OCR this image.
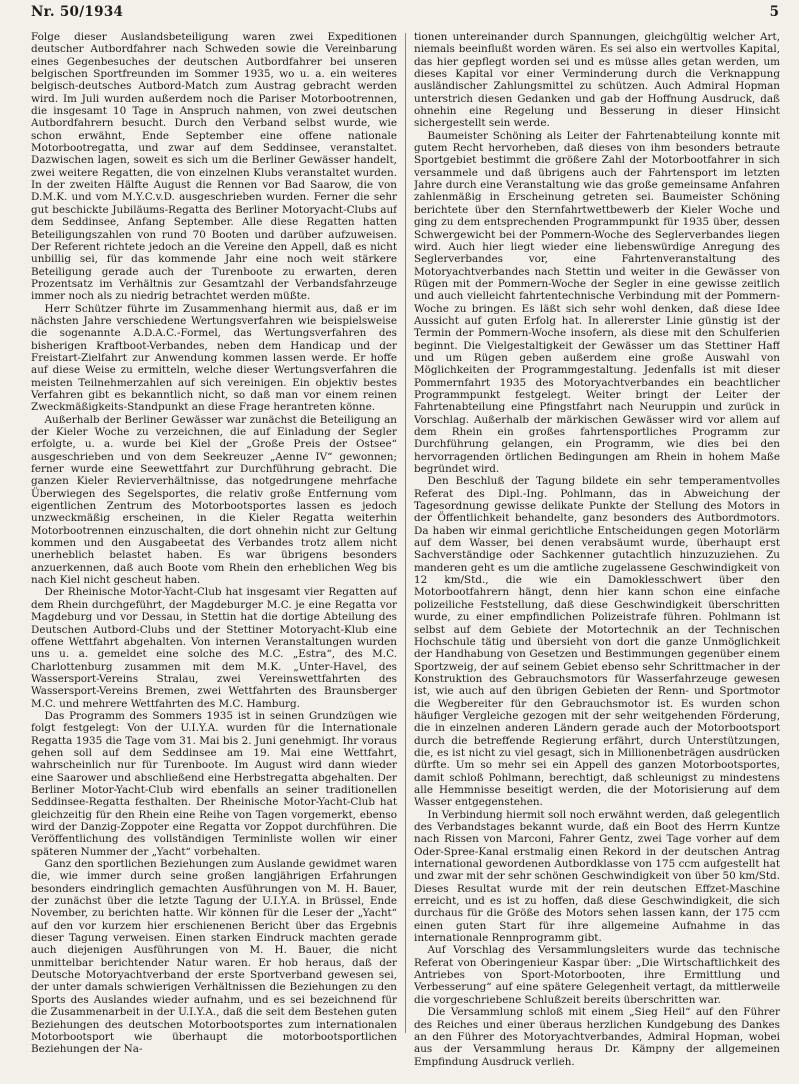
Nr. 50/1934	5

Folge dieser Auslandsbeteiligung waren zwei Expeditionen deutscher Autbordfahrer nach Schweden sowie die Vereinbarung eines Gegenbesuches der deutschen Autbordfahrer bei unseren belgischen Sportfreunden im Sommer 1935, wo u. a. ein weiteres belgisch-deutsches Autbord-Match zum Austrag gebracht werden wird. Im Juli wurden außerdem noch die Pariser Motorbootrennen, die insgesamt 10 Tage in Anspruch nahmen, von zwei deutschen Autbordfahrern besucht. Durch den Verband selbst wurde, wie schon erwähnt, Ende September eine offene nationale Motorbootregatta, und zwar auf dem Seddinsee, veranstaltet. Dazwischen lagen, soweit es sich um die Berliner Gewässer handelt, zwei weitere Regatten, die von einzelnen Klubs veranstaltet wurden. In der zweiten Hälfte August die Rennen vor Bad Saarow, die von D.M.K. und vom M.Y.C.v.D. ausgeschrieben wurden. Ferner die sehr gut beschickte Jubiläums-Regatta des Berliner Motoryacht-Clubs auf dem Seddinsee, Anfang September. Alle diese Regatten hatten Beteiligungszahlen von rund 70 Booten und darüber aufzuweisen. Der Referent richtete jedoch an die Vereine den Appell, daß es nicht unbillig sei, für das kommende Jahr eine noch weit stärkere Beteiligung gerade auch der Turenboote zu erwarten, deren Prozentsatz im Verhältnis zur Gesamtzahl der Verbandsfahrzeuge immer noch als zu niedrig betrachtet werden müßte.

Herr Schützer führte im Zusammenhang hiermit aus, daß er im nächsten Jahre verschiedene Wertungsverfahren wie beispielsweise die sogenannte A.D.A.C.-Formel, das Wertungsverfahren des bisherigen Kraftboot-Verbandes, neben dem Handicap und der Freistart-Zielfahrt zur Anwendung kommen lassen werde. Er hoffe auf diese Weise zu ermitteln, welche dieser Wertungsverfahren die meisten Teilnehmerzahlen auf sich vereinigen. Ein objektiv bestes Verfahren gibt es bekanntlich nicht, so daß man vor einem reinen Zweckmäßigkeits-Standpunkt an diese Frage herantreten könne.

Außerhalb der Berliner Gewässer war zunächst die Beteiligung an der Kieler Woche zu verzeichnen, die auf Einladung der Segler erfolgte, u. a. wurde bei Kiel der „Große Preis der Ostsee“ ausgeschrieben und von dem Seekreuzer „Aenne IV“ gewonnen; ferner wurde eine Seewettfahrt zur Durchführung gebracht. Die ganzen Kieler Revierverhältnisse, das notgedrungene mehrfache Überwiegen des Segelsportes, die relativ große Entfernung vom eigentlichen Zentrum des Motorbootsportes lassen es jedoch unzweckmäßig erscheinen, in die Kieler Regatta weiterhin Motorbootrennen einzuschalten, die dort ohnehin nicht zur Geltung kommen und den Ausgabeetat des Verbandes trotz allem nicht unerheblich belastet haben. Es war übrigens besonders anzuerkennen, daß auch Boote vom Rhein den erheblichen Weg bis nach Kiel nicht gescheut haben.

Der Rheinische Motor-Yacht-Club hat insgesamt vier Regatten auf dem Rhein durchgeführt, der Magdeburger M.C. je eine Regatta vor Magdeburg und vor Dessau, in Stettin hat die dortige Abteilung des Deutschen Autbord-Clubs und der Stettiner Motoryacht-Klub eine offene Wettfahrt abgehalten. Von internen Veranstaltungen wurden uns u. a. gemeldet eine solche des M.C. „Estra“, des M.C. Charlottenburg zusammen mit dem M.K. „Unter-Havel, des Wassersport-Vereins Stralau, zwei Vereinswettfahrten des Wassersport-Vereins Bremen, zwei Wettfahrten des Braunsberger M.C. und mehrere Wettfahrten des M.C. Hamburg.

Das Programm des Sommers 1935 ist in seinen Grundzügen wie folgt festgelegt: Von der U.I.Y.A. wurden für die Internationale Regatta 1935 die Tage vom 31. Mai bis 2. Juni genehmigt. Ihr voraus gehen soll auf dem Seddinsee am 19. Mai eine Wettfahrt, wahrscheinlich nur für Turenboote. Im August wird dann wieder eine Saarower und abschließend eine Herbstregatta abgehalten. Der Berliner Motor-Yacht-Club wird ebenfalls an seiner traditionellen Seddinsee-Regatta festhalten. Der Rheinische Motor-Yacht-Club hat gleichzeitig für den Rhein eine Reihe von Tagen vorgemerkt, ebenso wird der Danzig-Zoppoter eine Regatta vor Zoppot durchführen. Die Veröffentlichung des vollständigen Terminliste wollen wir einer späteren Nummer der „Yacht“ vorbehalten.

Ganz den sportlichen Beziehungen zum Auslande gewidmet waren die, wie immer durch seine großen langjährigen Erfahrungen besonders eindringlich gemachten Ausführungen von M. H. Bauer, der zunächst über die letzte Tagung der U.I.Y.A. in Brüssel, Ende November, zu berichten hatte. Wir können für die Leser der „Yacht“ auf den vor kurzem hier erschienenen Bericht über das Ergebnis dieser Tagung verweisen. Einen starken Eindruck machten gerade auch diejenigen Ausführungen von M. H. Bauer, die nicht unmittelbar berichtender Natur waren. Er hob heraus, daß der Deutsche Motoryachtverband der erste Sportverband gewesen sei, der unter damals schwierigen Verhältnissen die Beziehungen zu den Sports des Auslandes wieder aufnahm, und es sei bezeichnend für die Zusammenarbeit in der U.I.Y.A., daß die seit dem Bestehen guten Beziehungen des deutschen Motorbootsportes zum internationalen Motorbootsport wie überhaupt die motorbootsportlichen Beziehungen der Na-

tionen untereinander durch Spannungen, gleichgültig welcher Art, niemals beeinflußt worden wären. Es sei also ein wertvolles Kapital, das hier gepflegt worden sei und es müsse alles getan werden, um dieses Kapital vor einer Verminderung durch die Verknappung ausländischer Zahlungsmittel zu schützen. Auch Admiral Hopman unterstrich diesen Gedanken und gab der Hoffnung Ausdruck, daß ohnehin eine Regelung und Besserung in dieser Hinsicht sichergestellt sein werde.

Baumeister Schöning als Leiter der Fahrtenabteilung konnte mit gutem Recht hervorheben, daß dieses von ihm besonders betraute Sportgebiet bestimmt die größere Zahl der Motorbootfahrer in sich versammele und daß übrigens auch der Fahrtensport im letzten Jahre durch eine Veranstaltung wie das große gemeinsame Anfahren zahlenmäßig in Erscheinung getreten sei. Baumeister Schöning berichtete über den Sternfahrtwettbewerb der Kieler Woche und ging zu dem entsprechenden Programmpunkt für 1935 über, dessen Schwergewicht bei der Pommern-Woche des Seglerverbandes liegen wird. Auch hier liegt wieder eine liebenswürdige Anregung des Seglerverbandes vor, eine Fahrtenveranstaltung des Motoryachtverbandes nach Stettin und weiter in die Gewässer von Rügen mit der Pommern-Woche der Segler in eine gewisse zeitlich und auch vielleicht fahrtentechnische Verbindung mit der Pommern-Woche zu bringen. Es läßt sich sehr wohl denken, daß diese Idee Aussicht auf guten Erfolg hat. In allererster Linie günstig ist der Termin der Pommern-Woche insofern, als diese mit den Schulferien beginnt. Die Vielgestaltigkeit der Gewässer um das Stettiner Haff und um Rügen geben außerdem eine große Auswahl von Möglichkeiten der Programmgestaltung. Jedenfalls ist mit dieser Pommernfahrt 1935 des Motoryachtverbandes ein beachtlicher Programmpunkt festgelegt. Weiter bringt der Leiter der Fahrtenabteilung eine Pfingstfahrt nach Neuruppin und zurück in Vorschlag. Außerhalb der märkischen Gewässer wird vor allem auf dem Rhein ein großes fahrtensportliches Programm zur Durchführung gelangen, ein Programm, wie dies bei den hervorragenden örtlichen Bedingungen am Rhein in hohem Maße begründet wird.

Den Beschluß der Tagung bildete ein sehr temperamentvolles Referat des Dipl.-Ing. Pohlmann, das in Abweichung der Tagesordnung gewisse delikate Punkte der Stellung des Motors in der Öffentlichkeit behandelte, ganz besonders des Autbordmotors. Da haben wir einmal gerichtliche Entscheidungen gegen Motorlärm auf dem Wasser, bei denen verabsäumt wurde, überhaupt erst Sachverständige oder Sachkenner gutachtlich hinzuzuziehen. Zu manderen geht es um die amtliche zugelassene Geschwindigkeit von 12 km/Std., die wie ein Damoklesschwert über den Motorbootfahrern hängt, denn hier kann schon eine einfache polizeiliche Feststellung, daß diese Geschwindigkeit überschritten wurde, zu einer empfindlichen Polizeistrafe führen. Pohlmann ist selbst auf dem Gebiete der Motortechnik an der Technischen Hochschule tätig und übersieht von dort die ganze Unmöglichkeit der Handhabung von Gesetzen und Bestimmungen gegenüber einem Sportzweig, der auf seinem Gebiet ebenso sehr Schrittmacher in der Konstruktion des Gebrauchsmotors für Wasserfahrzeuge gewesen ist, wie auch auf den übrigen Gebieten der Renn- und Sportmotor die Wegbereiter für den Gebrauchsmotor ist. Es wurden schon häufiger Vergleiche gezogen mit der sehr weitgehenden Förderung, die in einzelnen anderen Ländern gerade auch der Motorbootsport durch die betreffende Regierung erfährt, durch Unterstützungen, die, es ist nicht zu viel gesagt, sich in Millionenbeträgen ausdrücken dürfte. Um so mehr sei ein Appell des ganzen Motorbootsportes, damit schloß Pohlmann, berechtigt, daß schleunigst zu mindestens alle Hemmnisse beseitigt werden, die der Motorisierung auf dem Wasser entgegenstehen.

In Verbindung hiermit soll noch erwähnt werden, daß gelegentlich des Verbandstages bekannt wurde, daß ein Boot des Herrn Kuntze nach Rissen von Marconi, Fahrer Gentz, zwei Tage vorher auf dem Oder-Spree-Kanal erstmalig einen Rekord in der deutschen Antrag international gewordenen Autbordklasse von 175 ccm aufgestellt hat und zwar mit der sehr schönen Geschwindigkeit von über 50 km/Std. Dieses Resultat wurde mit der rein deutschen Effzet-Maschine erreicht, und es ist zu hoffen, daß diese Geschwindigkeit, die sich durchaus für die Größe des Motors sehen lassen kann, der 175 ccm einen guten Start für ihre allgemeine Aufnahme in das internationale Rennprogramm gibt.

Auf Vorschlag des Versammlungsleiters wurde das technische Referat von Oberingenieur Kaspar über: „Die Wirtschaftlichkeit des Antriebes von Sport-Motorbooten, ihre Ermittlung und Verbesserung“ auf eine spätere Gelegenheit vertagt, da mittlerweile die vorgeschriebene Schlußzeit bereits überschritten war.

Die Versammlung schloß mit einem „Sieg Heil“ auf den Führer des Reiches und einer überaus herzlichen Kundgebung des Dankes an den Führer des Motoryachtverbandes, Admiral Hopman, wobei aus der Versammlung heraus Dr. Kämpny der allgemeinen Empfindung Ausdruck verlieh.
